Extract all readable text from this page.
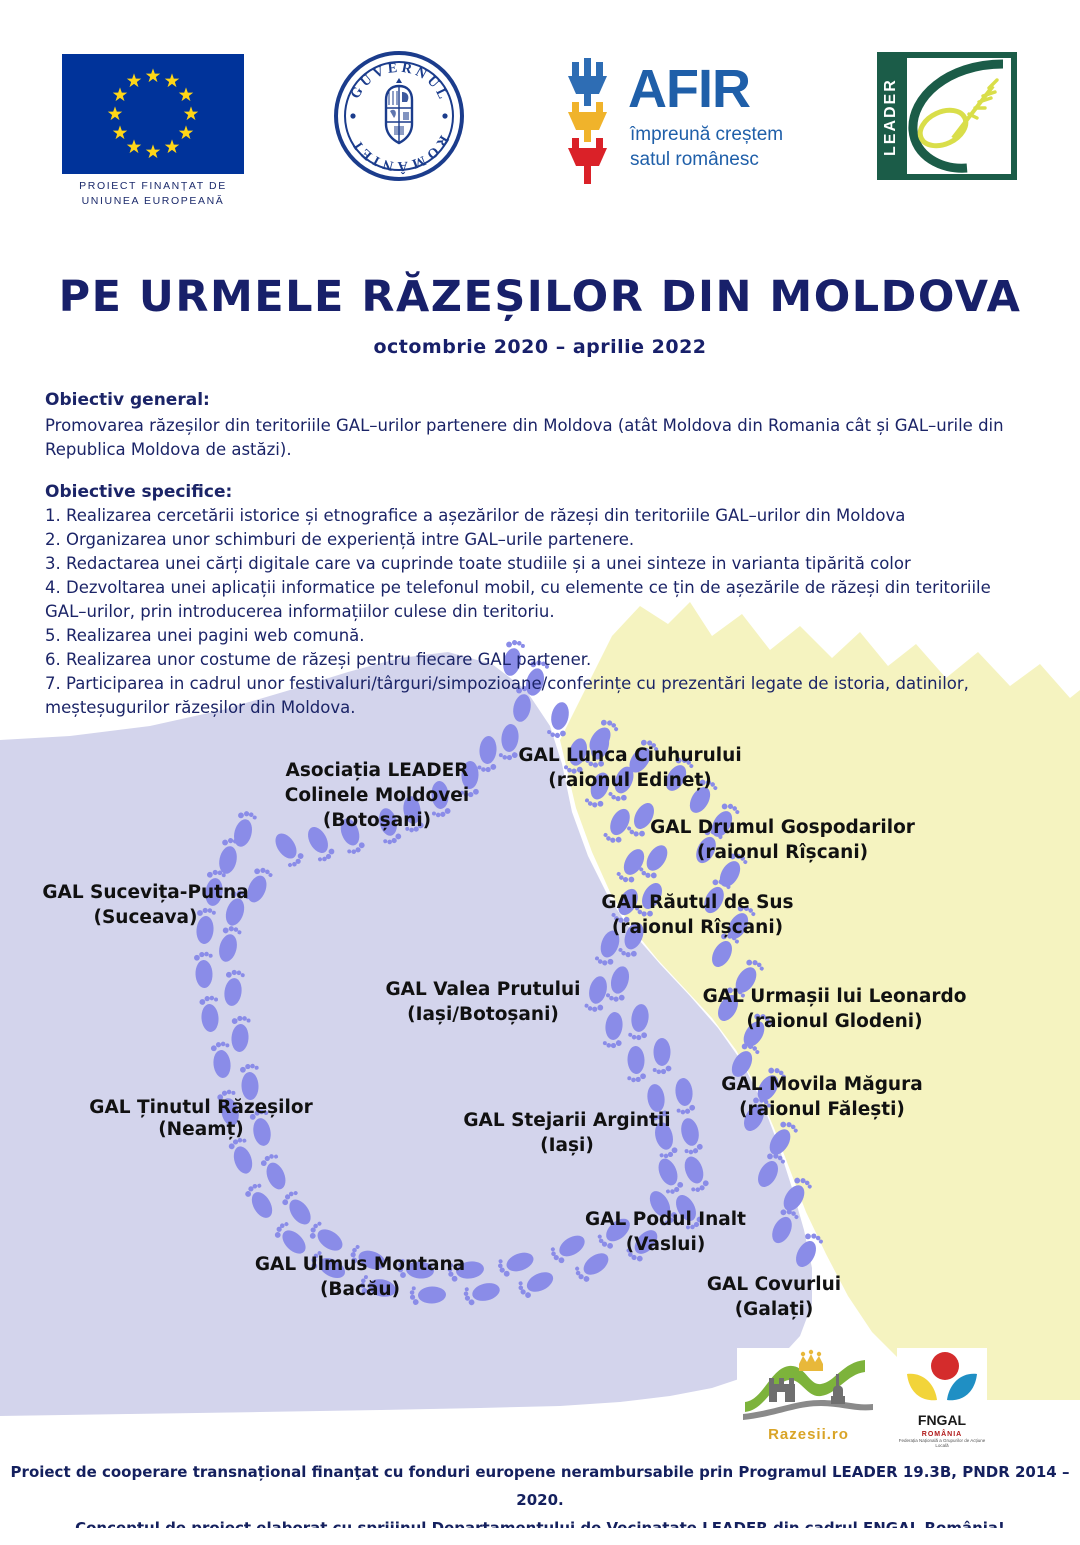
PROIECT FINANȚAT DE
UNIUNEA EUROPEANĂ
GUVERNUL
ROMÂNIEI
AFIR
împreună creștem
satul românesc
LEADER
PE URMELE RĂZEȘILOR DIN MOLDOVA
octombrie 2020 – aprilie 2022
Obiectiv general:
Promovarea răzeșilor din teritoriile GAL–urilor partenere din Moldova (atât Moldova din Romania cât și GAL–urile din Republica Moldova de astăzi).
Obiective specifice:
1. Realizarea cercetării istorice și etnografice a așezărilor de răzeși din teritoriile GAL–urilor din Moldova
2. Organizarea unor schimburi de experiență intre GAL–urile partenere.
3. Redactarea unei cărți digitale care va cuprinde toate studiile și a unei sinteze in varianta tipărită color
4. Dezvoltarea unei aplicații informatice pe telefonul mobil, cu elemente ce țin de așezările de răzeși din teritoriile GAL–urilor, prin introducerea informațiilor culese din teritoriu.
5. Realizarea unei pagini web comună.
6. Realizarea unor costume de răzeși pentru fiecare GAL partener.
7. Participarea in cadrul unor festivaluri/târguri/simpozioane/conferințe cu prezentări legate de istoria, datinilor, meșteșugurilor răzeșilor din Moldova.
Asociația LEADER
Colinele Moldovei
(Botoșani)
GAL Lunca Ciuhurului
(raionul Edineț)
GAL Drumul Gospodarilor
(raionul Rîșcani)
GAL Răutul de Sus
(raionul Rîșcani)
GAL Sucevița-Putna
(Suceava)
GAL Valea Prutului
(Iași/Botoșani)
GAL Urmașii lui Leonardo
(raionul Glodeni)
GAL Movila Măgura
(raionul Fălești)
GAL Ținutul Răzeșilor
(Neamț)	GAL Stejarii Argintii
(Iași)
GAL Podul Inalt
(Vaslui)
GAL Ulmus Montana
(Bacău)	GAL Covurlui
(Galați)
Razesii.ro
FNGAL
ROMÂNIA
Federația Națională a Grupurilor de Acțiune Locală
Proiect de cooperare transnațional finanţat cu fonduri europene nerambursabile prin Programul LEADER 19.3B, PNDR 2014 – 2020.
